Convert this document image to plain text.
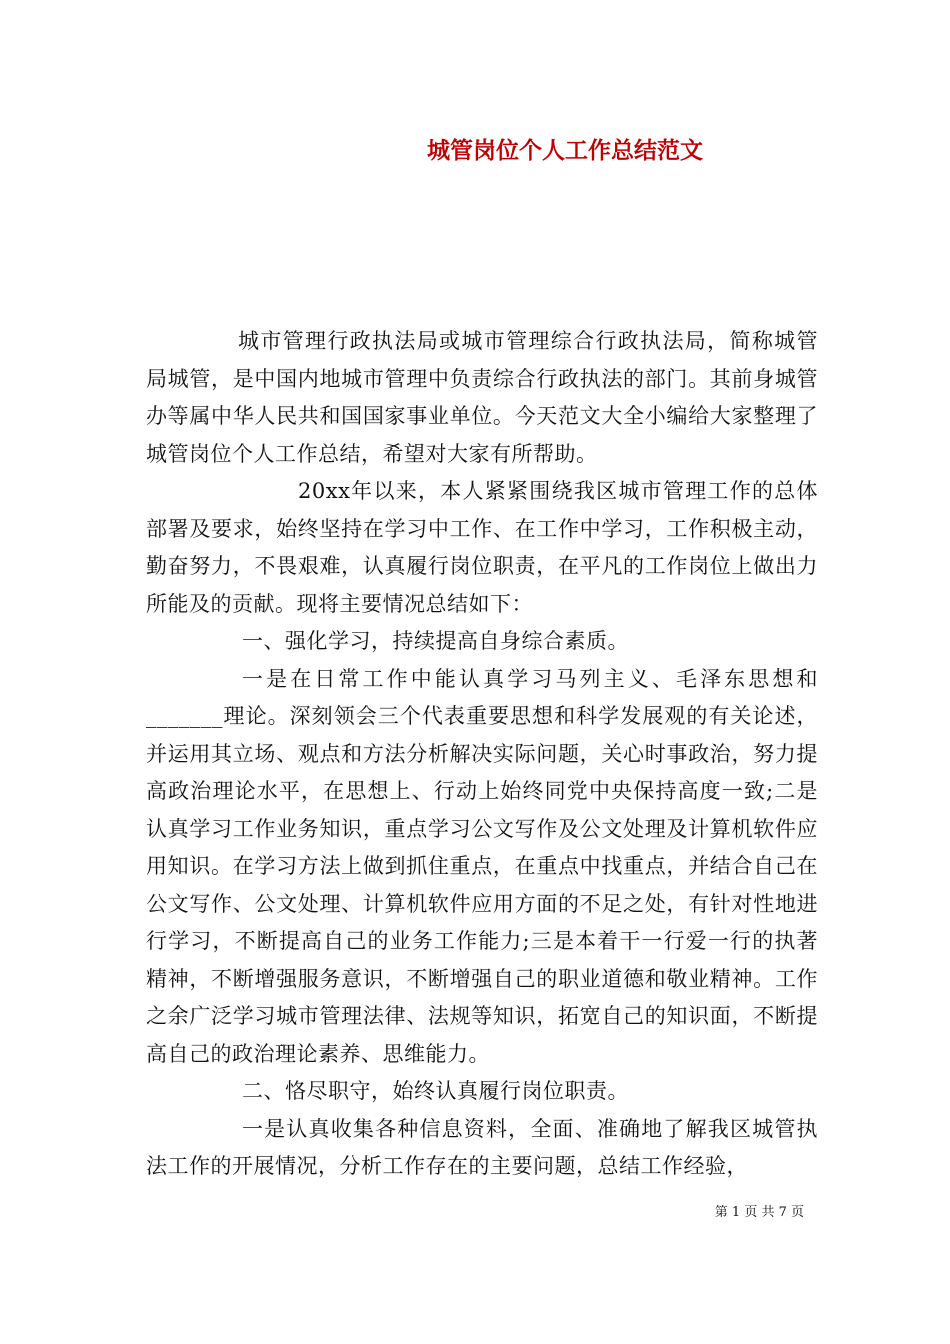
城管岗位个人工作总结范文

城市管理行政执法局或城市管理综合行政执法局，简称城管局城管，是中国内地城市管理中负责综合行政执法的部门。其前身城管办等属中华人民共和国国家事业单位。今天范文大全小编给大家整理了城管岗位个人工作总结，希望对大家有所帮助。

20xx年以来，本人紧紧围绕我区城市管理工作的总体部署及要求，始终坚持在学习中工作、在工作中学习，工作积极主动，勤奋努力，不畏艰难，认真履行岗位职责，在平凡的工作岗位上做出力所能及的贡献。现将主要情况总结如下：

一、强化学习，持续提高自身综合素质。

一是在日常工作中能认真学习马列主义、毛泽东思想和_______理论。深刻领会三个代表重要思想和科学发展观的有关论述，并运用其立场、观点和方法分析解决实际问题，关心时事政治，努力提高政治理论水平，在思想上、行动上始终同党中央保持高度一致;二是认真学习工作业务知识，重点学习公文写作及公文处理及计算机软件应用知识。在学习方法上做到抓住重点，在重点中找重点，并结合自己在公文写作、公文处理、计算机软件应用方面的不足之处，有针对性地进行学习，不断提高自己的业务工作能力;三是本着干一行爱一行的执著精神，不断增强服务意识，不断增强自己的职业道德和敬业精神。工作之余广泛学习城市管理法律、法规等知识，拓宽自己的知识面，不断提高自己的政治理论素养、思维能力。

二、恪尽职守，始终认真履行岗位职责。

一是认真收集各种信息资料，全面、准确地了解我区城管执法工作的开展情况，分析工作存在的主要问题，总结工作经验，

第 1 页 共 7 页
